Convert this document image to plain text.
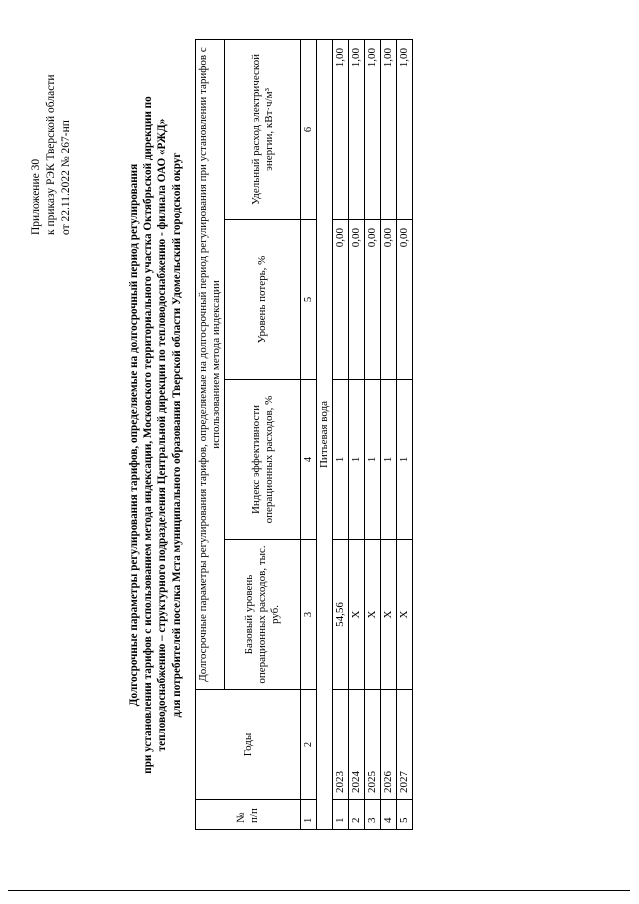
Приложение 30 к приказу РЭК Тверской области от 22.11.2022 № 267-нп	Долгосрочные параметры регулирования тарифов, определяемые на долгосрочный период регулирования при установлении тарифов с использованием метода индексации, Московского территориального участка Октябрьской дирекции по тепловодоснабжению – структурного подразделения Центральной дирекции по тепловодоснабжению - филиала ОАО «РЖД» для потребителей поселка Мста муниципального образования Тверской области Удомельский городской округ
№ п/п	Годы	Долгосрочные параметры регулирования тарифов, определяемые на долгосрочный период регулирования при установлении тарифов с использованием метода индексации			
		Базовый уровень операционных расходов, тыс. руб.	Индекс эффективности операционных расходов, %	Уровень потерь, %	Удельный расход электрической энергии, кВт·ч/м³
1	2	3	4	5	6
Питьевая вода					
1	2023	54,56	1	0,00	1,00
2	2024	X	1	0,00	1,00
3	2025	X	1	0,00	1,00
4	2026	X	1	0,00	1,00
5	2027	X	1	0,00	1,00
